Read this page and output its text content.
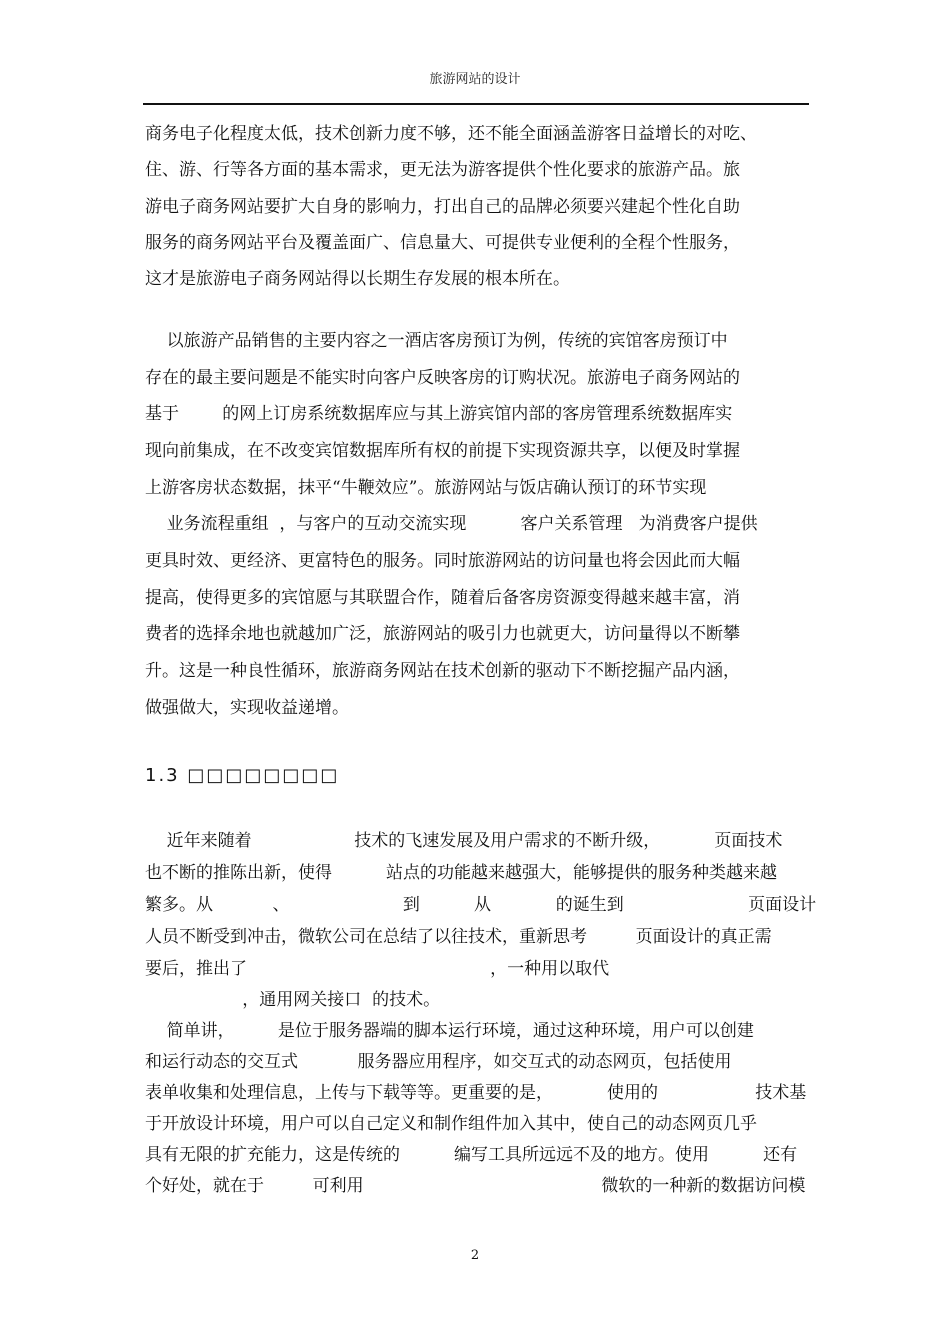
旅游网站的设计
商务电子化程度太低，技术创新力度不够，还不能全面涵盖游客日益增长的对吃、
住、游、行等各方面的基本需求，更无法为游客提供个性化要求的旅游产品。旅
游电子商务网站要扩大自身的影响力，打出自己的品牌必须要兴建起个性化自助
服务的商务网站平台及覆盖面广、信息量大、可提供专业便利的全程个性服务，
这才是旅游电子商务网站得以长期生存发展的根本所在。
以旅游产品销售的主要内容之一酒店客房预订为例，传统的宾馆客房预订中
存在的最主要问题是不能实时向客户反映客房的订购状况。旅游电子商务网站的
基于        的网上订房系统数据库应与其上游宾馆内部的客房管理系统数据库实
现向前集成，在不改变宾馆数据库所有权的前提下实现资源共享，以便及时掌握
上游客房状态数据，抹平“牛鞭效应”。旅游网站与饭店确认预订的环节实现
业务流程重组  ，与客户的互动交流实现          客户关系管理   为消费客户提供
更具时效、更经济、更富特色的服务。同时旅游网站的访问量也将会因此而大幅
提高，使得更多的宾馆愿与其联盟合作，随着后备客房资源变得越来越丰富，消
费者的选择余地也就越加广泛，旅游网站的吸引力也就更大，访问量得以不断攀
升。这是一种良性循环，旅游商务网站在技术创新的驱动下不断挖掘产品内涵，
做强做大，实现收益递增。
1.3 □□□□□□□□
近年来随着                   技术的飞速发展及用户需求的不断升级，          页面技术
也不断的推陈出新，使得          站点的功能越来越强大，能够提供的服务种类越来越
繁多。从           、                     到          从            的诞生到                       页面设计
人员不断受到冲击，微软公司在总结了以往技术，重新思考         页面设计的真正需
要后，推出了                                             ，一种用以取代
，通用网关接口  的技术。
简单讲，        是位于服务器端的脚本运行环境，通过这种环境，用户可以创建
和运行动态的交互式           服务器应用程序，如交互式的动态网页，包括使用
表单收集和处理信息，上传与下载等等。更重要的是，          使用的                  技术基
于开放设计环境，用户可以自己定义和制作组件加入其中，使自己的动态网页几乎
具有无限的扩充能力，这是传统的          编写工具所远远不及的地方。使用          还有
个好处，就在于         可利用                                            微软的一种新的数据访问模
2
